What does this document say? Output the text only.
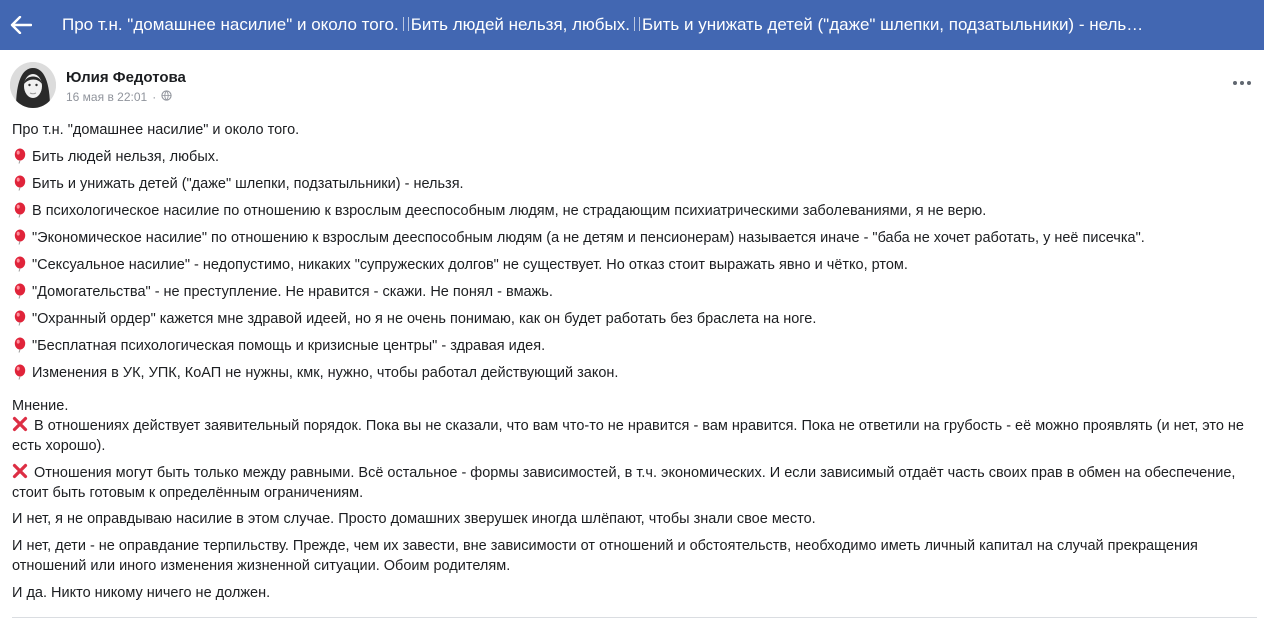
Про т.н. "домашнее насилие" и около того. Бить людей нельзя, любых. Бить и унижать детей ("даже" шлепки, подзатыльники) - нель…
Юлия Федотова
16 мая в 22:01 ·
Про т.н. "домашнее насилие" и около того.
Бить людей нельзя, любых.
Бить и унижать детей ("даже" шлепки, подзатыльники) - нельзя.
В психологическое насилие по отношению к взрослым дееспособным людям, не страдающим психиатрическими заболеваниями, я не верю.
"Экономическое насилие" по отношению к взрослым дееспособным людям (а не детям и пенсионерам) называется иначе - "баба не хочет работать, у неё писечка".
"Сексуальное насилие" - недопустимо, никаких "супружеских долгов" не существует. Но отказ стоит выражать явно и чётко, ртом.
"Домогательства" - не преступление. Не нравится - скажи. Не понял - вмажь.
"Охранный ордер" кажется мне здравой идеей, но я не очень понимаю, как он будет работать без браслета на ноге.
"Бесплатная психологическая помощь и кризисные центры" - здравая идея.
Изменения в УК, УПК, КоАП не нужны, кмк, нужно, чтобы работал действующий закон.
Мнение.
В отношениях действует заявительный порядок. Пока вы не сказали, что вам что-то не нравится - вам нравится. Пока не ответили на грубость - её можно проявлять (и нет, это не есть хорошо).
Отношения могут быть только между равными. Всё остальное - формы зависимостей, в т.ч. экономических. И если зависимый отдаёт часть своих прав в обмен на обеспечение, стоит быть готовым к определённым ограничениям.
И нет, я не оправдываю насилие в этом случае. Просто домашних зверушек иногда шлёпают, чтобы знали свое место.
И нет, дети - не оправдание терпильству. Прежде, чем их завести, вне зависимости от отношений и обстоятельств, необходимо иметь личный капитал на случай прекращения отношений или иного изменения жизненной ситуации. Обоим родителям.
И да. Никто никому ничего не должен.
